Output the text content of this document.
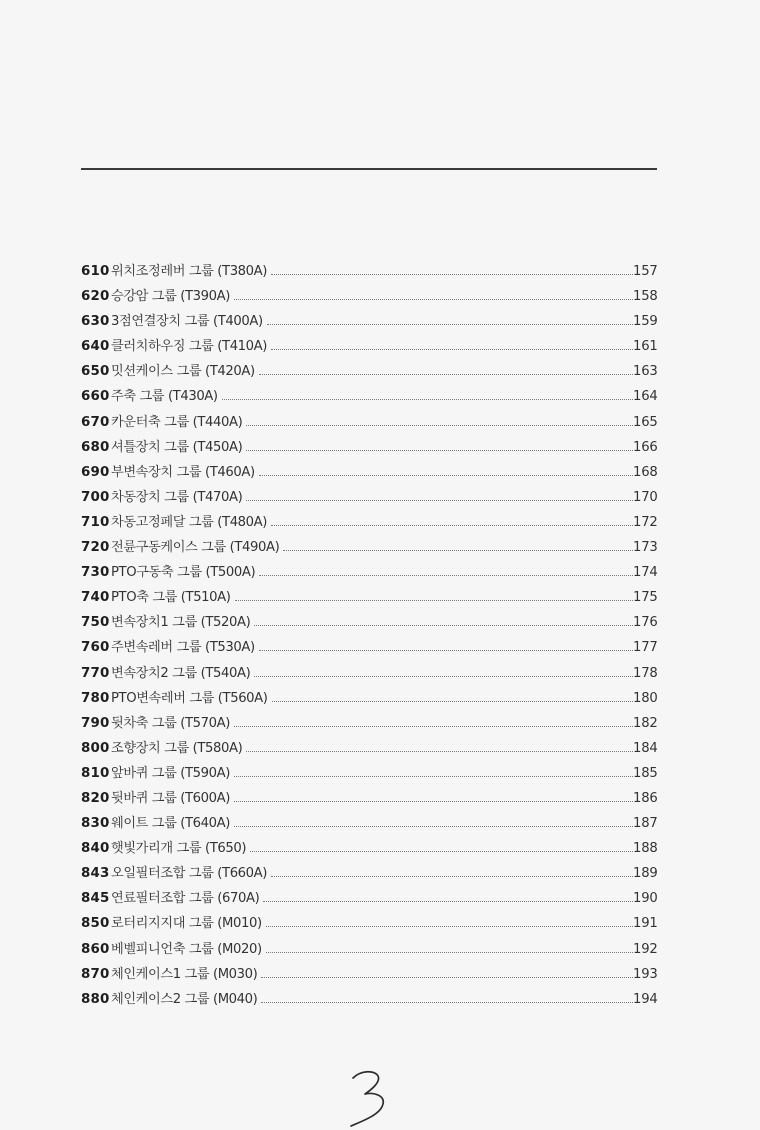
610 위치조정레버 그룹 (T380A)	157
620 승강암 그룹 (T390A)	158
630 3점연결장치 그룹 (T400A)	159
640 클러치하우징 그룹 (T410A)	161
650 밋션케이스 그룹 (T420A)	163
660 주축 그룹 (T430A)	164
670 카운터축 그룹 (T440A)	165
680 셔틀장치 그룹 (T450A)	166
690 부변속장치 그룹 (T460A)	168
700 차동장치 그룹 (T470A)	170
710 차동고정페달 그룹 (T480A)	172
720 전륜구동케이스 그룹 (T490A)	173
730 PTO구동축 그룹 (T500A)	174
740 PTO축 그룹 (T510A)	175
750 변속장치1 그룹 (T520A)	176
760 주변속레버 그룹 (T530A)	177
770 변속장치2 그룹 (T540A)	178
780 PTO변속레버 그룹 (T560A)	180
790 뒷차축 그룹 (T570A)	182
800 조향장치 그룹 (T580A)	184
810 앞바퀴 그룹 (T590A)	185
820 뒷바퀴 그룹 (T600A)	186
830 웨이트 그룹 (T640A)	187
840 햇빛가리개 그룹 (T650)	188
843 오일필터조합 그룹 (T660A)	189
845 연료필터조합 그룹 (670A)	190
850 로터리지지대 그룹 (M010)	191
860 베벨피니언축 그룹 (M020)	192
870 체인케이스1 그룹 (M030)	193
880 체인케이스2 그룹 (M040)	194
